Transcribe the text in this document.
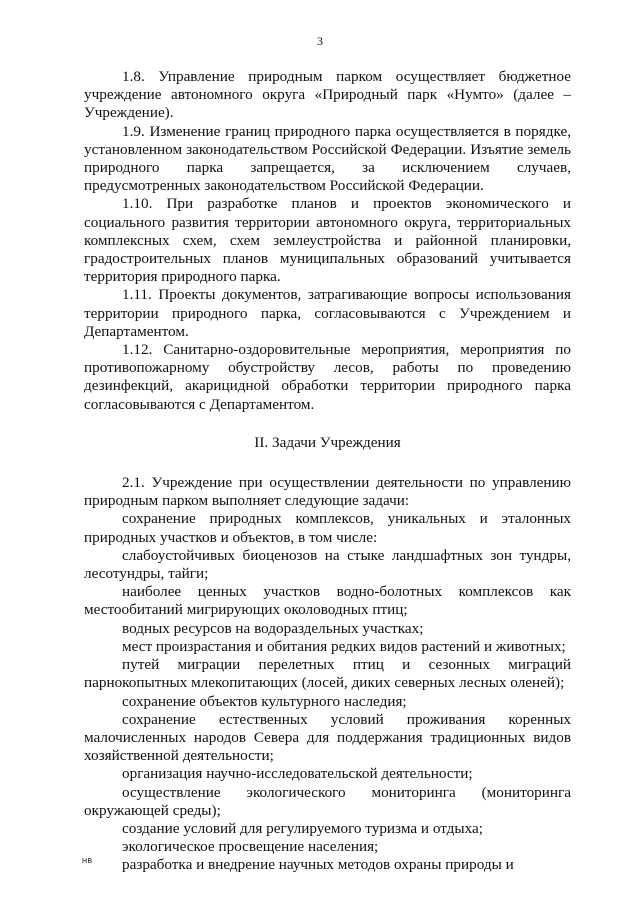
3

1.8. Управление природным парком осуществляет бюджетное учреждение автономного округа «Природный парк «Нумто» (далее – Учреждение).

1.9. Изменение границ природного парка осуществляется в порядке, установленном законодательством Российской Федерации. Изъятие земель природного парка запрещается, за исключением случаев, предусмотренных законодательством Российской Федерации.

1.10. При разработке планов и проектов экономического и социального развития территории автономного округа, территориальных комплексных схем, схем землеустройства и районной планировки, градостроительных планов муниципальных образований учитывается территория природного парка.

1.11. Проекты документов, затрагивающие вопросы использования территории природного парка, согласовываются с Учреждением и Департаментом.

1.12. Санитарно-оздоровительные мероприятия, мероприятия по противопожарному обустройству лесов, работы по проведению дезинфекций, акарицидной обработки территории природного парка согласовываются с Департаментом.

II. Задачи Учреждения

2.1. Учреждение при осуществлении деятельности по управлению природным парком выполняет следующие задачи:

сохранение природных комплексов, уникальных и эталонных природных участков и объектов, в том числе:

слабоустойчивых биоценозов на стыке ландшафтных зон тундры, лесотундры, тайги;

наиболее ценных участков водно-болотных комплексов как местообитаний мигрирующих околоводных птиц;

водных ресурсов на водораздельных участках;

мест произрастания и обитания редких видов растений и животных;

путей миграции перелетных птиц и сезонных миграций парнокопытных млекопитающих (лосей, диких северных лесных оленей);

сохранение объектов культурного наследия;

сохранение естественных условий проживания коренных малочисленных народов Севера для поддержания традиционных видов хозяйственной деятельности;

организация научно-исследовательской деятельности;

осуществление экологического мониторинга (мониторинга окружающей среды);

создание условий для регулируемого туризма и отдыха;

экологическое просвещение населения;

разработка и внедрение научных методов охраны природы и

НВ
